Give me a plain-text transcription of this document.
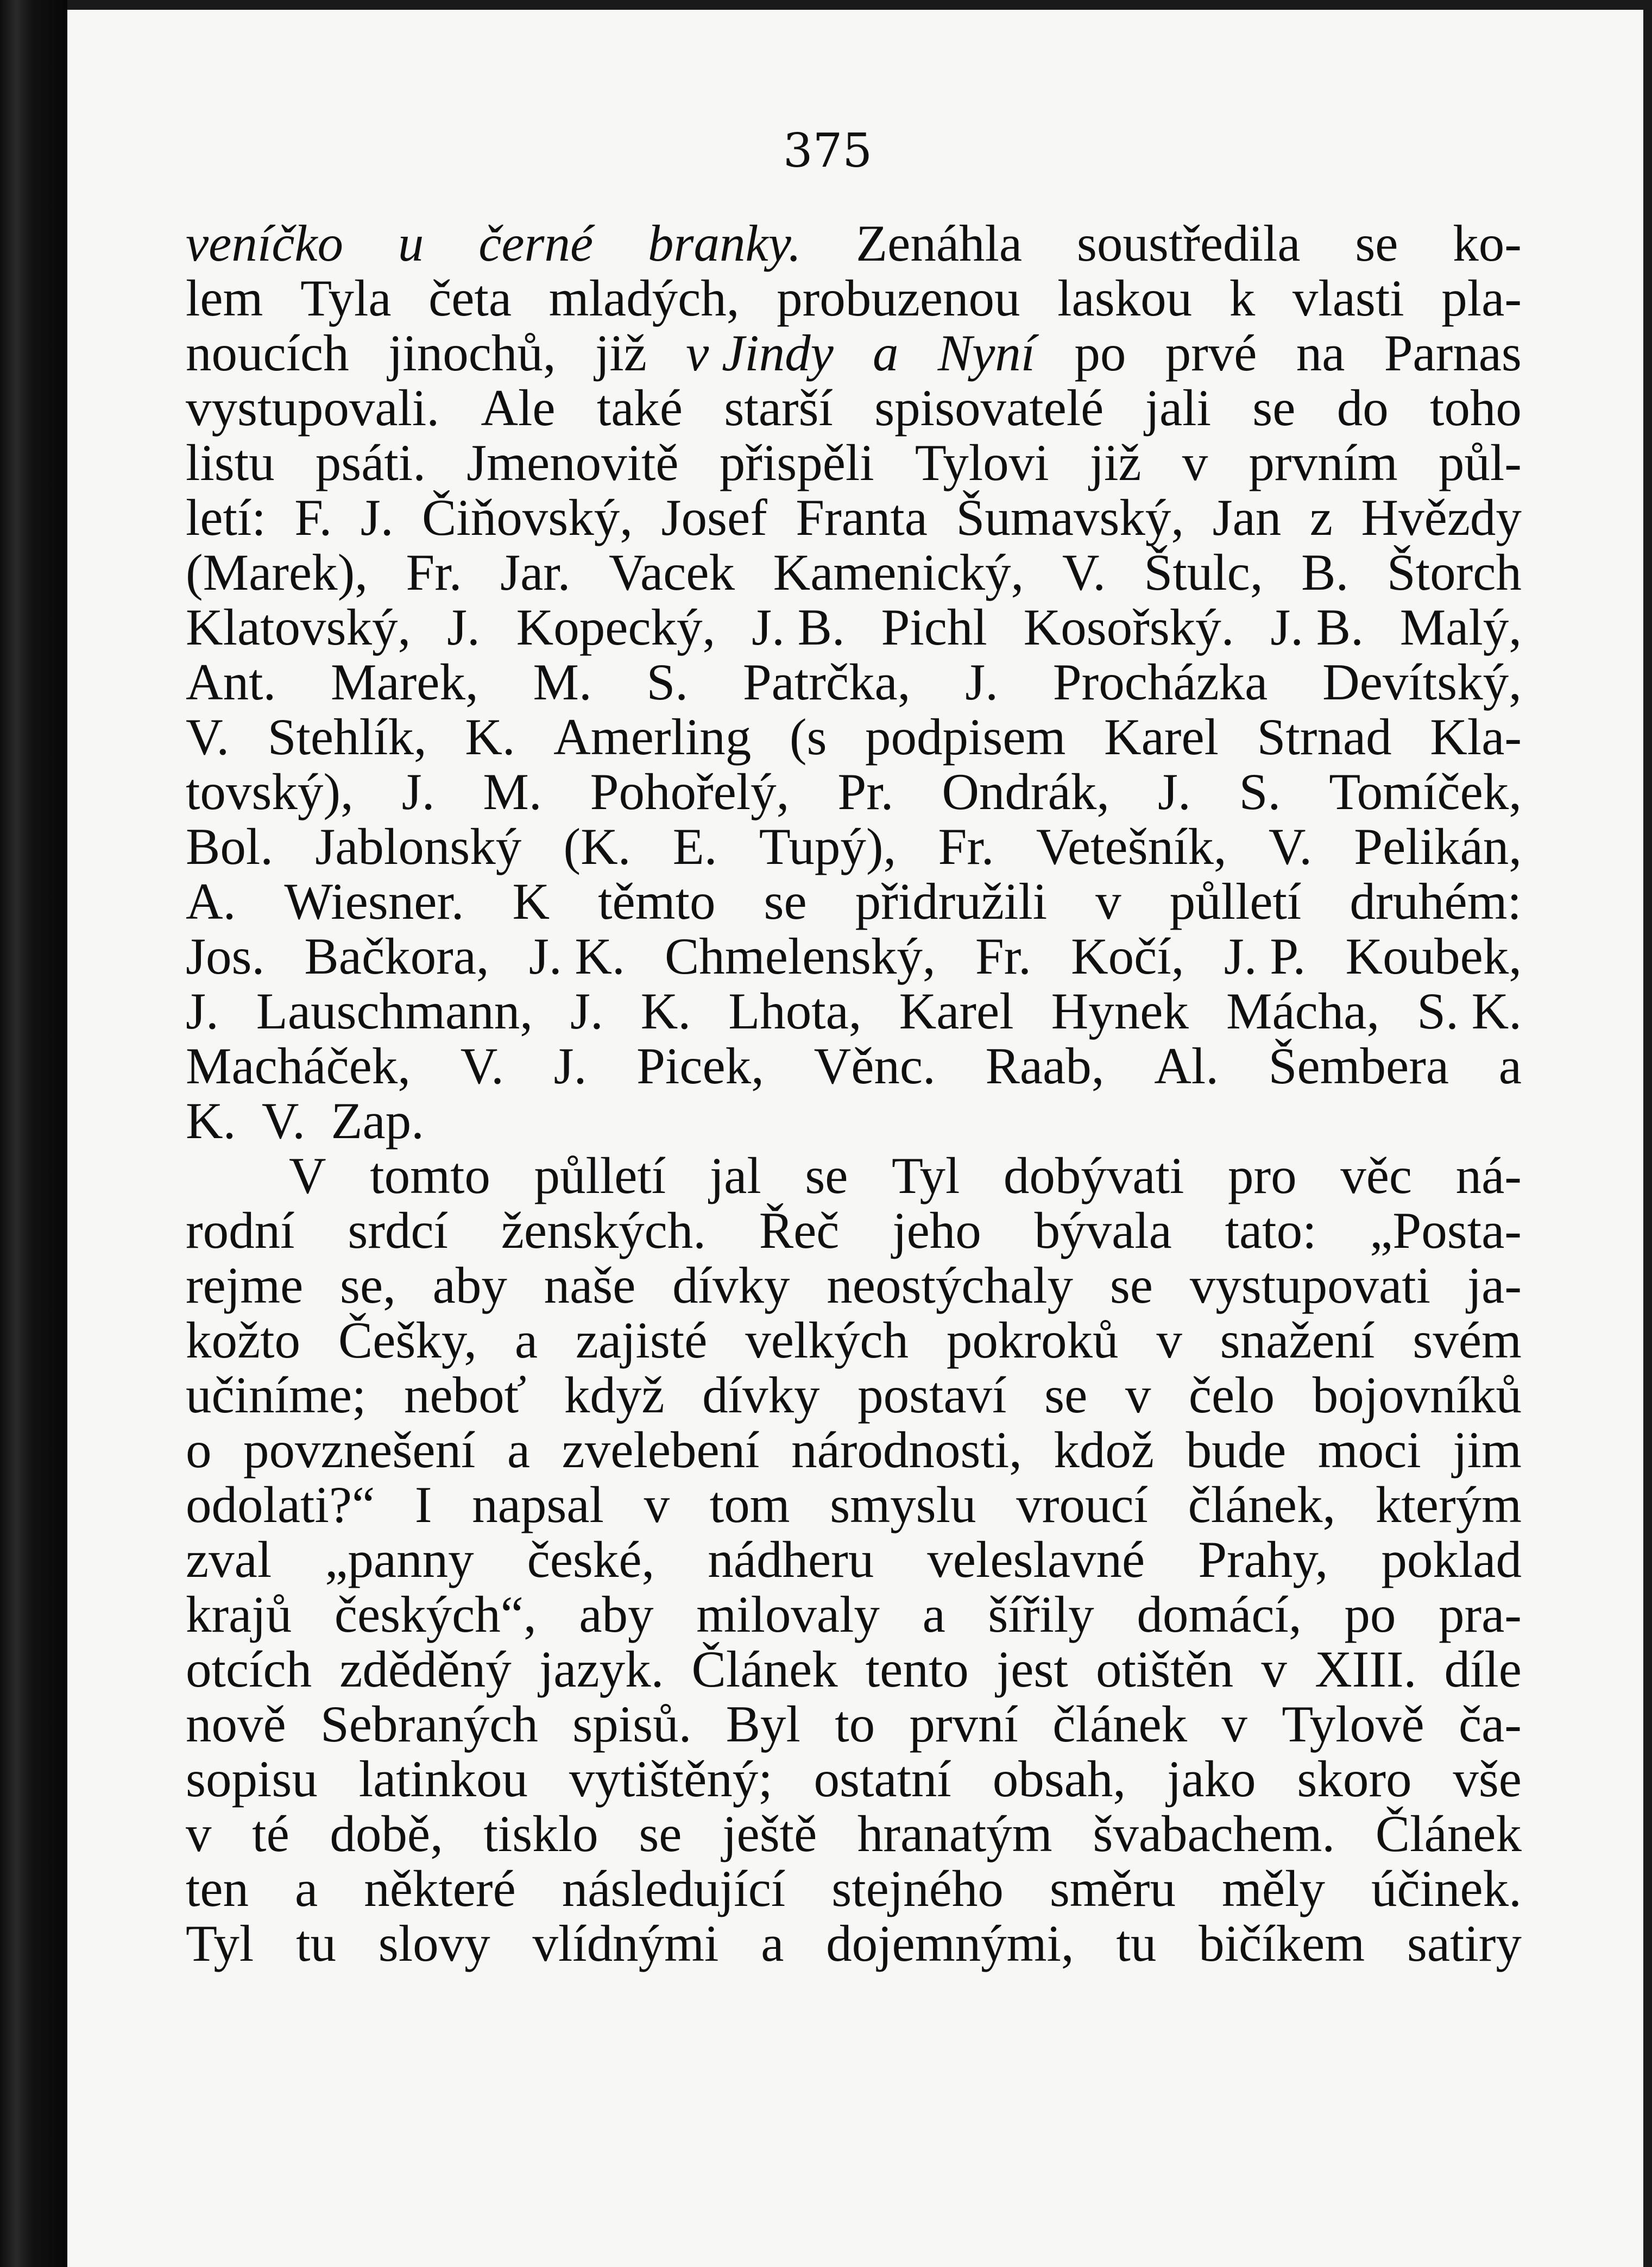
375
veníčko u černé branky. Zenáhla soustředila se ko-
lem Tyla četa mladých, probuzenou laskou k vlasti pla-
noucích jinochů, již v Jindy a Nyní po prvé na Parnas
vystupovali. Ale také starší spisovatelé jali se do toho
listu psáti. Jmenovitě přispěli Tylovi již v prvním půl-
letí: F. J. Čiňovský, Josef Franta Šumavský, Jan z Hvězdy
(Marek), Fr. Jar. Vacek Kamenický, V. Štulc, B. Štorch
Klatovský, J. Kopecký, J. B. Pichl Kosořský. J. B. Malý,
Ant. Marek, M. S. Patrčka, J. Procházka Devítský,
V. Stehlík, K. Amerling (s podpisem Karel Strnad Kla-
tovský), J. M. Pohořelý, Pr. Ondrák, J. S. Tomíček,
Bol. Jablonský (K. E. Tupý), Fr. Vetešník, V. Pelikán,
A. Wiesner. K těmto se přidružili v půlletí druhém:
Jos. Bačkora, J. K. Chmelenský, Fr. Kočí, J. P. Koubek,
J. Lauschmann, J. K. Lhota, Karel Hynek Mácha, S. K.
Macháček, V. J. Picek, Věnc. Raab, Al. Šembera a
K.
V.
Zap.
V tomto půlletí jal se Tyl dobývati pro věc ná-
rodní srdcí ženských. Řeč jeho bývala tato: „Posta-
rejme se, aby naše dívky neostýchaly se vystupovati ja-
kožto Češky, a zajisté velkých pokroků v snažení svém
učiníme; neboť když dívky postaví se v čelo bojovníků
o povznešení a zvelebení národnosti, kdož bude moci jim
odolati?“ I napsal v tom smyslu vroucí článek, kterým
zval „panny české, nádheru veleslavné Prahy, poklad
krajů českých“, aby milovaly a šířily domácí, po pra-
otcích zděděný jazyk. Článek tento jest otištěn v XIII. díle
nově Sebraných spisů. Byl to první článek v Tylově ča-
sopisu latinkou vytištěný; ostatní obsah, jako skoro vše
v té době, tisklo se ještě hranatým švabachem. Článek
ten a některé následující stejného směru měly účinek.
Tyl tu slovy vlídnými a dojemnými, tu bičíkem satiry
